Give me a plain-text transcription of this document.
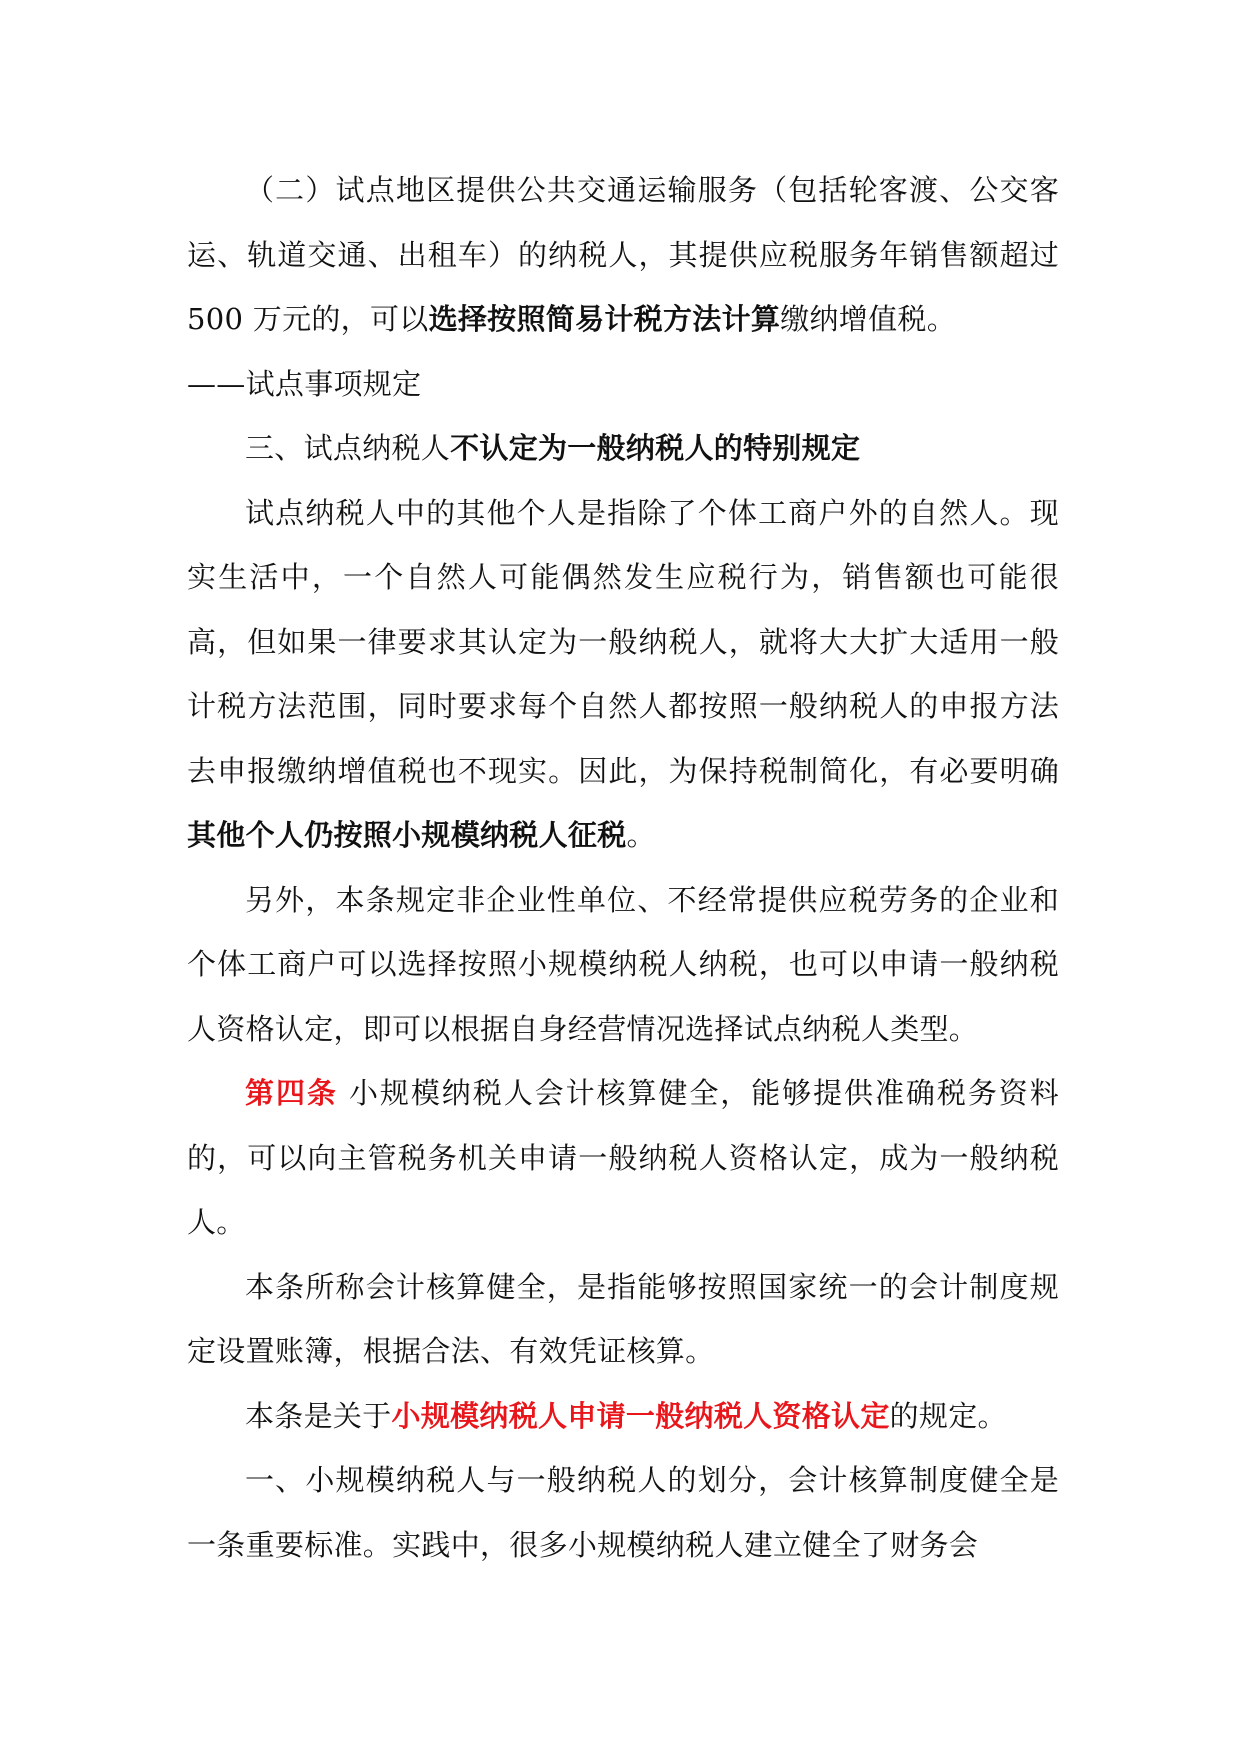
（二）试点地区提供公共交通运输服务（包括轮客渡、公交客运、轨道交通、出租车）的纳税人，其提供应税服务年销售额超过 500 万元的，可以选择按照简易计税方法计算缴纳增值税。

——试点事项规定

三、试点纳税人不认定为一般纳税人的特别规定

试点纳税人中的其他个人是指除了个体工商户外的自然人。现实生活中，一个自然人可能偶然发生应税行为，销售额也可能很高，但如果一律要求其认定为一般纳税人，就将大大扩大适用一般计税方法范围，同时要求每个自然人都按照一般纳税人的申报方法去申报缴纳增值税也不现实。因此，为保持税制简化，有必要明确其他个人仍按照小规模纳税人征税。

另外，本条规定非企业性单位、不经常提供应税劳务的企业和个体工商户可以选择按照小规模纳税人纳税，也可以申请一般纳税人资格认定，即可以根据自身经营情况选择试点纳税人类型。

第四条 小规模纳税人会计核算健全，能够提供准确税务资料的，可以向主管税务机关申请一般纳税人资格认定，成为一般纳税人。

本条所称会计核算健全，是指能够按照国家统一的会计制度规定设置账簿，根据合法、有效凭证核算。

本条是关于小规模纳税人申请一般纳税人资格认定的规定。

一、小规模纳税人与一般纳税人的划分，会计核算制度健全是一条重要标准。实践中，很多小规模纳税人建立健全了财务会
